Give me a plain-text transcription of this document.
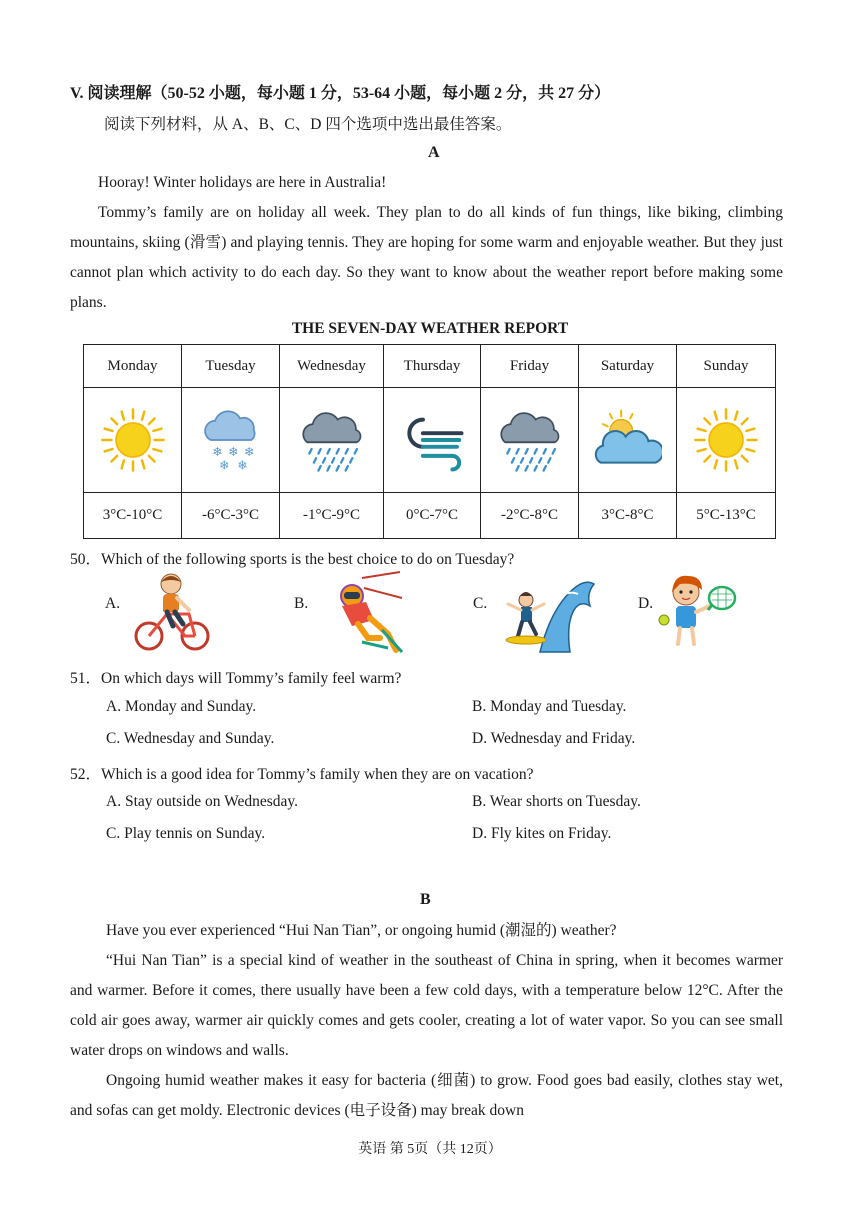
V. 阅读理解（50-52 小题，每小题 1 分，53-64 小题，每小题 2 分，共 27 分）
阅读下列材料，从 A、B、C、D 四个选项中选出最佳答案。
A
Hooray! Winter holidays are here in Australia!
Tommy’s family are on holiday all week. They plan to do all kinds of fun things, like biking, climbing mountains, skiing (滑雪) and playing tennis. They are hoping for some warm and enjoyable weather. But they just cannot plan which activity to do each day. So they want to know about the weather report before making some plans.
THE SEVEN-DAY WEATHER REPORT
Monday	Tuesday	Wednesday	Thursday	Friday	Saturday	Sunday

❄ ❄ ❄
❄ ❄

3°C-10°C	-6°C-3°C	-1°C-9°C	0°C-7°C	-2°C-8°C	3°C-8°C	5°C-13°C
50．Which of the following sports is the best choice to do on Tuesday?
A.	B.	C.	D.
51．On which days will Tommy’s family feel warm?
A. Monday and Sunday.	B. Monday and Tuesday.
C. Wednesday and Sunday.	D. Wednesday and Friday.
52．Which is a good idea for Tommy’s family when they are on vacation?
A. Stay outside on Wednesday.	B. Wear shorts on Tuesday.
C. Play tennis on Sunday.	D. Fly kites on Friday.
B
Have you ever experienced “Hui Nan Tian”, or ongoing humid (潮湿的) weather?
“Hui Nan Tian” is a special kind of weather in the southeast of China in spring, when it becomes warmer and warmer. Before it comes, there usually have been a few cold days, with a temperature below 12°C. After the cold air goes away, warmer air quickly comes and gets cooler, creating a lot of water vapor. So you can see small water drops on windows and walls.
Ongoing humid weather makes it easy for bacteria (细菌) to grow. Food goes bad easily, clothes stay wet, and sofas can get moldy. Electronic devices (电子设备) may break down
英语 第 5页（共 12页）
